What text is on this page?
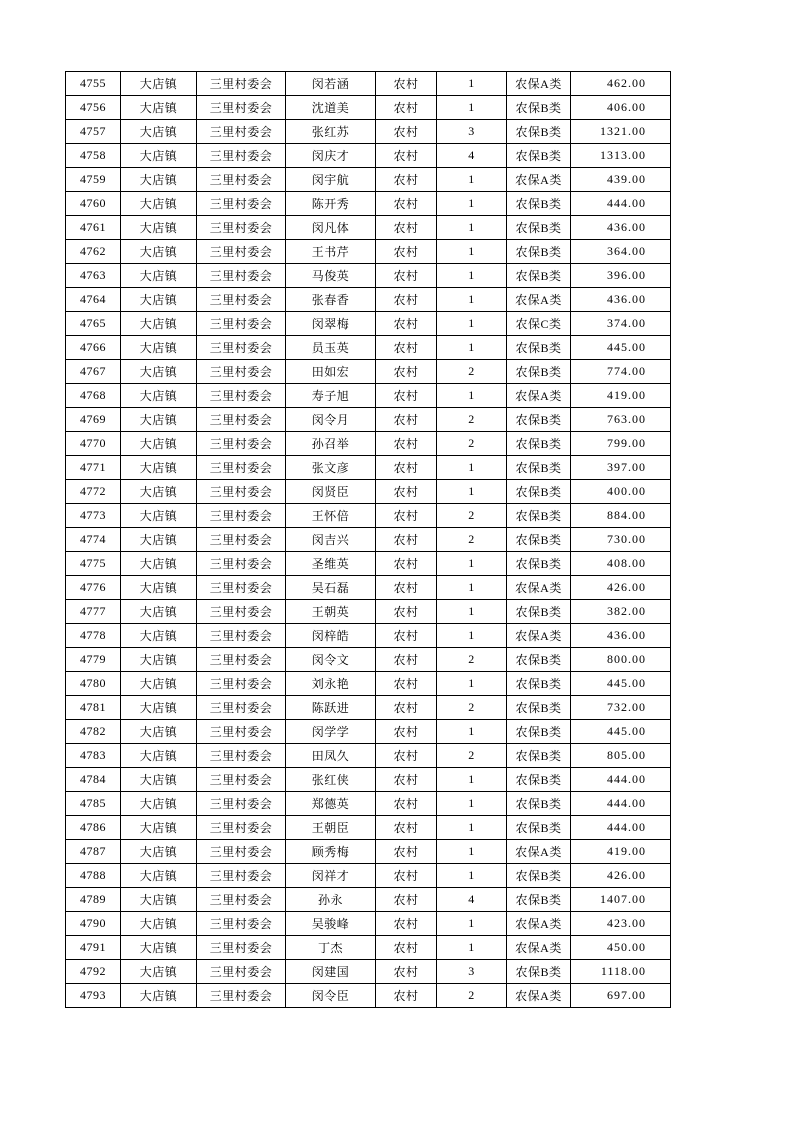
4755	大店镇	三里村委会	闵若涵	农村	1	农保A类	462.00
4756	大店镇	三里村委会	沈道美	农村	1	农保B类	406.00
4757	大店镇	三里村委会	张红苏	农村	3	农保B类	1321.00
4758	大店镇	三里村委会	闵庆才	农村	4	农保B类	1313.00
4759	大店镇	三里村委会	闵宇航	农村	1	农保A类	439.00
4760	大店镇	三里村委会	陈开秀	农村	1	农保B类	444.00
4761	大店镇	三里村委会	闵凡体	农村	1	农保B类	436.00
4762	大店镇	三里村委会	王书芹	农村	1	农保B类	364.00
4763	大店镇	三里村委会	马俊英	农村	1	农保B类	396.00
4764	大店镇	三里村委会	张春香	农村	1	农保A类	436.00
4765	大店镇	三里村委会	闵翠梅	农村	1	农保C类	374.00
4766	大店镇	三里村委会	员玉英	农村	1	农保B类	445.00
4767	大店镇	三里村委会	田如宏	农村	2	农保B类	774.00
4768	大店镇	三里村委会	寿子旭	农村	1	农保A类	419.00
4769	大店镇	三里村委会	闵令月	农村	2	农保B类	763.00
4770	大店镇	三里村委会	孙召举	农村	2	农保B类	799.00
4771	大店镇	三里村委会	张文彦	农村	1	农保B类	397.00
4772	大店镇	三里村委会	闵贤臣	农村	1	农保B类	400.00
4773	大店镇	三里村委会	王怀倍	农村	2	农保B类	884.00
4774	大店镇	三里村委会	闵吉兴	农村	2	农保B类	730.00
4775	大店镇	三里村委会	圣维英	农村	1	农保B类	408.00
4776	大店镇	三里村委会	吴石磊	农村	1	农保A类	426.00
4777	大店镇	三里村委会	王朝英	农村	1	农保B类	382.00
4778	大店镇	三里村委会	闵梓皓	农村	1	农保A类	436.00
4779	大店镇	三里村委会	闵令文	农村	2	农保B类	800.00
4780	大店镇	三里村委会	刘永艳	农村	1	农保B类	445.00
4781	大店镇	三里村委会	陈跃进	农村	2	农保B类	732.00
4782	大店镇	三里村委会	闵学学	农村	1	农保B类	445.00
4783	大店镇	三里村委会	田凤久	农村	2	农保B类	805.00
4784	大店镇	三里村委会	张红侠	农村	1	农保B类	444.00
4785	大店镇	三里村委会	郑德英	农村	1	农保B类	444.00
4786	大店镇	三里村委会	王朝臣	农村	1	农保B类	444.00
4787	大店镇	三里村委会	顾秀梅	农村	1	农保A类	419.00
4788	大店镇	三里村委会	闵祥才	农村	1	农保B类	426.00
4789	大店镇	三里村委会	孙永	农村	4	农保B类	1407.00
4790	大店镇	三里村委会	吴骏峰	农村	1	农保A类	423.00
4791	大店镇	三里村委会	丁杰	农村	1	农保A类	450.00
4792	大店镇	三里村委会	闵建国	农村	3	农保B类	1118.00
4793	大店镇	三里村委会	闵令臣	农村	2	农保A类	697.00
